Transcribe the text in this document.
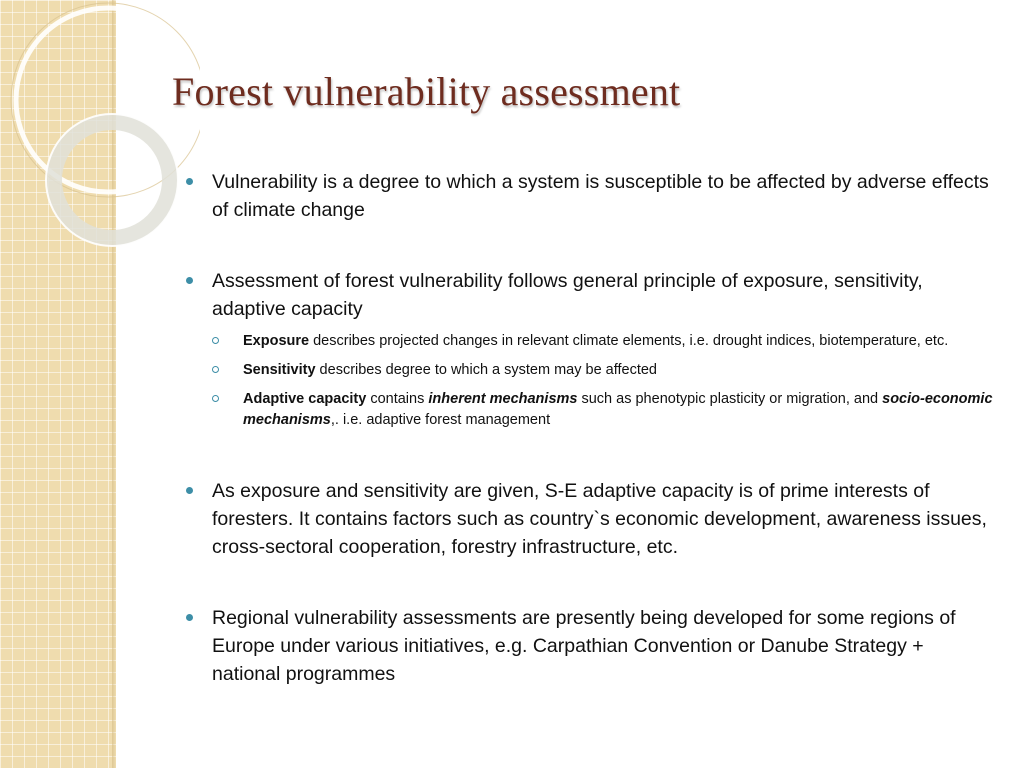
Forest vulnerability assessment
Vulnerability is a degree to which a system is susceptible to be affected by adverse effects of climate change
Assessment of forest vulnerability follows general principle of exposure, sensitivity, adaptive capacity
Exposure describes projected changes in relevant climate elements, i.e. drought indices, biotemperature, etc.
Sensitivity describes degree to which a system may be affected
Adaptive capacity contains inherent mechanisms such as phenotypic plasticity or migration, and socio-economic mechanisms,. i.e. adaptive forest management
As exposure and sensitivity are given, S-E adaptive capacity is of prime interests of foresters. It contains factors such as country`s economic development, awareness issues, cross-sectoral cooperation, forestry infrastructure, etc.
Regional vulnerability assessments are presently being developed for some regions of Europe under various initiatives, e.g. Carpathian Convention or Danube Strategy + national programmes
